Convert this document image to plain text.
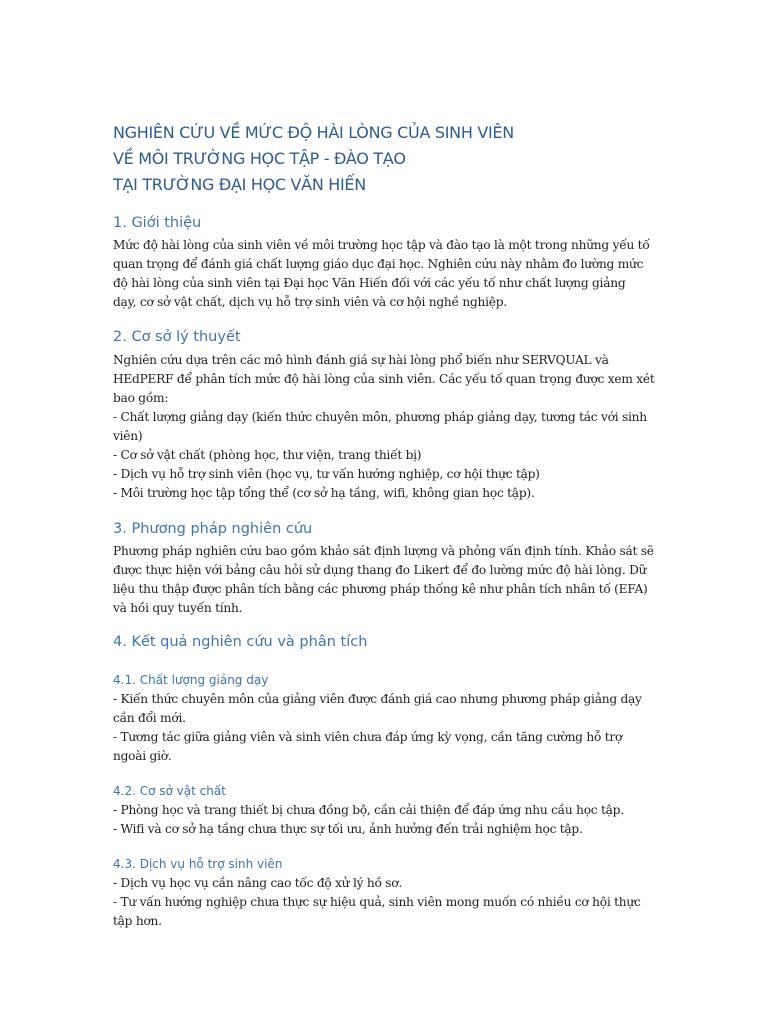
NGHIÊN CỨU VỀ MỨC ĐỘ HÀI LÒNG CỦA SINH VIÊN
VỀ MÔI TRƯỜNG HỌC TẬP - ĐÀO TẠO
TẠI TRƯỜNG ĐẠI HỌC VĂN HIẾN
1. Giới thiệu

Mức độ hài lòng của sinh viên về môi trường học tập và đào tạo là một trong những yếu tố
quan trọng để đánh giá chất lượng giáo dục đại học. Nghiên cứu này nhằm đo lường mức
độ hài lòng của sinh viên tại Đại học Văn Hiến đối với các yếu tố như chất lượng giảng
dạy, cơ sở vật chất, dịch vụ hỗ trợ sinh viên và cơ hội nghề nghiệp.

2. Cơ sở lý thuyết

Nghiên cứu dựa trên các mô hình đánh giá sự hài lòng phổ biến như SERVQUAL và
HEdPERF để phân tích mức độ hài lòng của sinh viên. Các yếu tố quan trọng được xem xét
bao gồm:
- Chất lượng giảng dạy (kiến thức chuyên môn, phương pháp giảng dạy, tương tác với sinh
viên)
- Cơ sở vật chất (phòng học, thư viện, trang thiết bị)
- Dịch vụ hỗ trợ sinh viên (học vụ, tư vấn hướng nghiệp, cơ hội thực tập)
- Môi trường học tập tổng thể (cơ sở hạ tầng, wifi, không gian học tập).

3. Phương pháp nghiên cứu

Phương pháp nghiên cứu bao gồm khảo sát định lượng và phỏng vấn định tính. Khảo sát sẽ
được thực hiện với bảng câu hỏi sử dụng thang đo Likert để đo lường mức độ hài lòng. Dữ
liệu thu thập được phân tích bằng các phương pháp thống kê như phân tích nhân tố (EFA)
và hồi quy tuyến tính.

4. Kết quả nghiên cứu và phân tích
4.1. Chất lượng giảng dạy

- Kiến thức chuyên môn của giảng viên được đánh giá cao nhưng phương pháp giảng dạy
cần đổi mới.
- Tương tác giữa giảng viên và sinh viên chưa đáp ứng kỳ vọng, cần tăng cường hỗ trợ
ngoài giờ.

4.2. Cơ sở vật chất

- Phòng học và trang thiết bị chưa đồng bộ, cần cải thiện để đáp ứng nhu cầu học tập.
- Wifi và cơ sở hạ tầng chưa thực sự tối ưu, ảnh hưởng đến trải nghiệm học tập.

4.3. Dịch vụ hỗ trợ sinh viên

- Dịch vụ học vụ cần nâng cao tốc độ xử lý hồ sơ.
- Tư vấn hướng nghiệp chưa thực sự hiệu quả, sinh viên mong muốn có nhiều cơ hội thực
tập hơn.
